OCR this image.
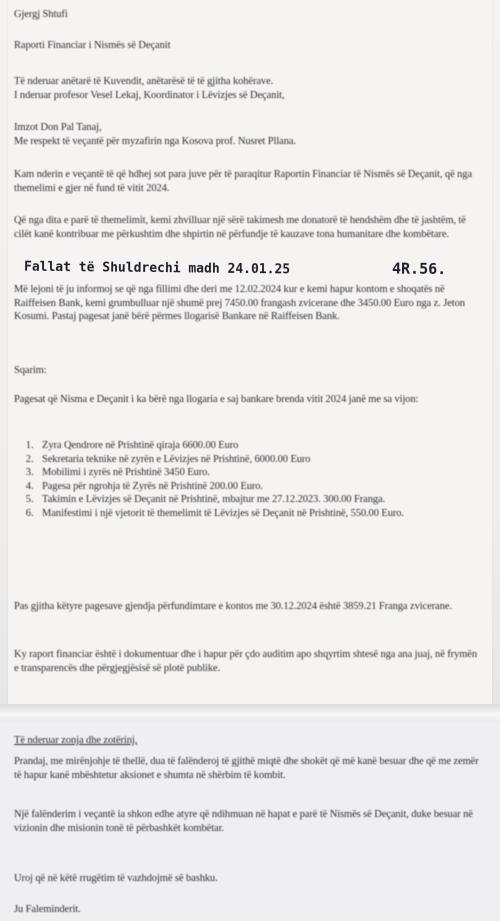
Gjergj Shtufi
Raporti Financiar i Nismës së Deçanit

Të nderuar anëtarë të Kuvendit, anëtarësë të të gjitha kohërave.

I nderuar profesor Vesel Lekaj, Koordinator i Lëvizjes së Deçanit,

Imzot Don Pal Tanaj,

Me respekt të veçantë për myzafirin nga Kosova prof. Nusret Pllana.

Kam nderin e veçantë të që hdhej sot para juve për të paraqitur Raportin Financiar të Nismës së Deçanit, që nga themelimi e gjer në fund të vitit 2024.
Që nga dita e parë të themelimit, kemi zhvilluar një sërë takimesh me donatorë të hendshëm dhe të jashtëm, të cilët kanë kontribuar me përkushtim dhe shpirtin në përfundje të kauzave tona humanitare dhe kombëtare.
Fallat të Shuldrechi madh 24.01.25	4R.56.
Më lejoni të ju informoj se që nga fillimi dhe deri me 12.02.2024 kur e kemi hapur kontom e shoqatës në Raiffeisen Bank, kemi grumbulluar një shumë prej 7450.00 frangash zvicerane dhe 3450.00 Euro nga z. Jeton Kosumi. Pastaj pagesat janë bërë përmes llogarisë Bankare në Raiffeisen Bank.
Sqarim:
Pagesat që Nisma e Deçanit i ka bërë nga llogaria e saj bankare brenda vitit 2024 janë me sa vijon:
1. Zyra Qendrore në Prishtinë qiraja 6600.00 Euro
2. Sekretaria teknike në zyrën e Lëvizjes në Prishtinë, 6000.00 Euro
3. Mobilimi i zyrës në Prishtinë 3450 Euro.
4. Pagesa për ngrohja të Zyrës në Prishtinë 200.00 Euro.
5. Takimin e Lëvizjes së Deçanit në Prishtinë, mbajtur me 27.12.2023. 300.00 Franga.
6. Manifestimi i një vjetorit të themelimit të Lëvizjes së Deçanit në Prishtinë, 550.00 Euro.
Pas gjitha këtyre pagesave gjendja përfundimtare e kontos me 30.12.2024 është 3859.21 Franga zvicerane.
Ky raport financiar është i dokumentuar dhe i hapur për çdo auditim apo shqyrtim shtesë nga ana juaj, në frymën e transparencës dhe përgjegjësisë së plotë publike.
Të nderuar zonja dhe zotërinj,
Prandaj, me mirënjohje të thellë, dua të falënderoj të gjithë miqtë dhe shokët që më kanë besuar dhe që me zemër të hapur kanë mbështetur aksionet e shumta në shërbim të kombit.
Një falënderim i veçantë ia shkon edhe atyre që ndihmuan në hapat e parë të Nismës së Deçanit, duke besuar në vizionin dhe misionin tonë të përbashkët kombëtar.
Uroj që në këtë rrugëtim të vazhdojmë së bashku.
Ju Faleminderit.
